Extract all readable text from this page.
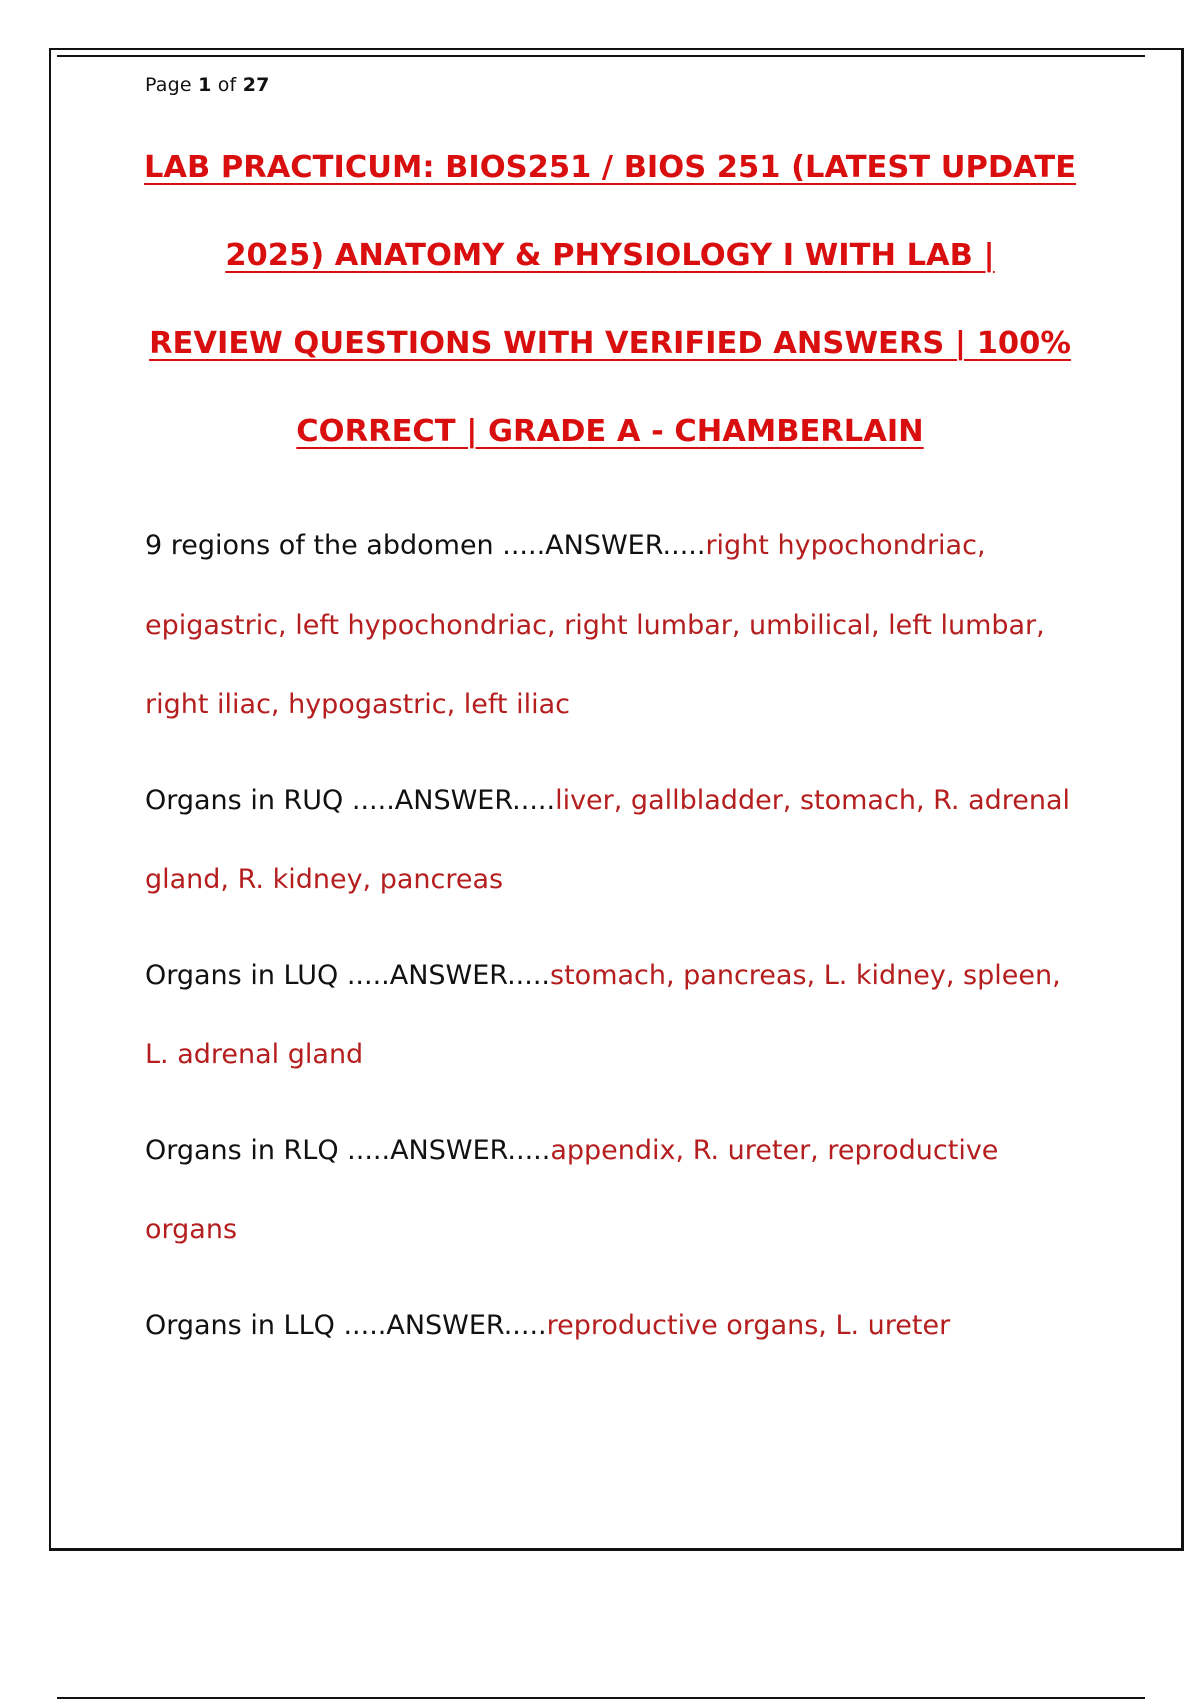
Page 1 of 27
LAB PRACTICUM: BIOS251 / BIOS 251 (LATEST UPDATE
2025) ANATOMY & PHYSIOLOGY I WITH LAB |
REVIEW QUESTIONS WITH VERIFIED ANSWERS | 100%
CORRECT | GRADE A - CHAMBERLAIN
9 regions of the abdomen .....ANSWER.....right hypochondriac, epigastric, left hypochondriac, right lumbar, umbilical, left lumbar, right iliac, hypogastric, left iliac
Organs in RUQ .....ANSWER.....liver, gallbladder, stomach, R. adrenal gland, R. kidney, pancreas
Organs in LUQ .....ANSWER.....stomach, pancreas, L. kidney, spleen, L. adrenal gland
Organs in RLQ .....ANSWER.....appendix, R. ureter, reproductive organs
Organs in LLQ .....ANSWER.....reproductive organs, L. ureter
